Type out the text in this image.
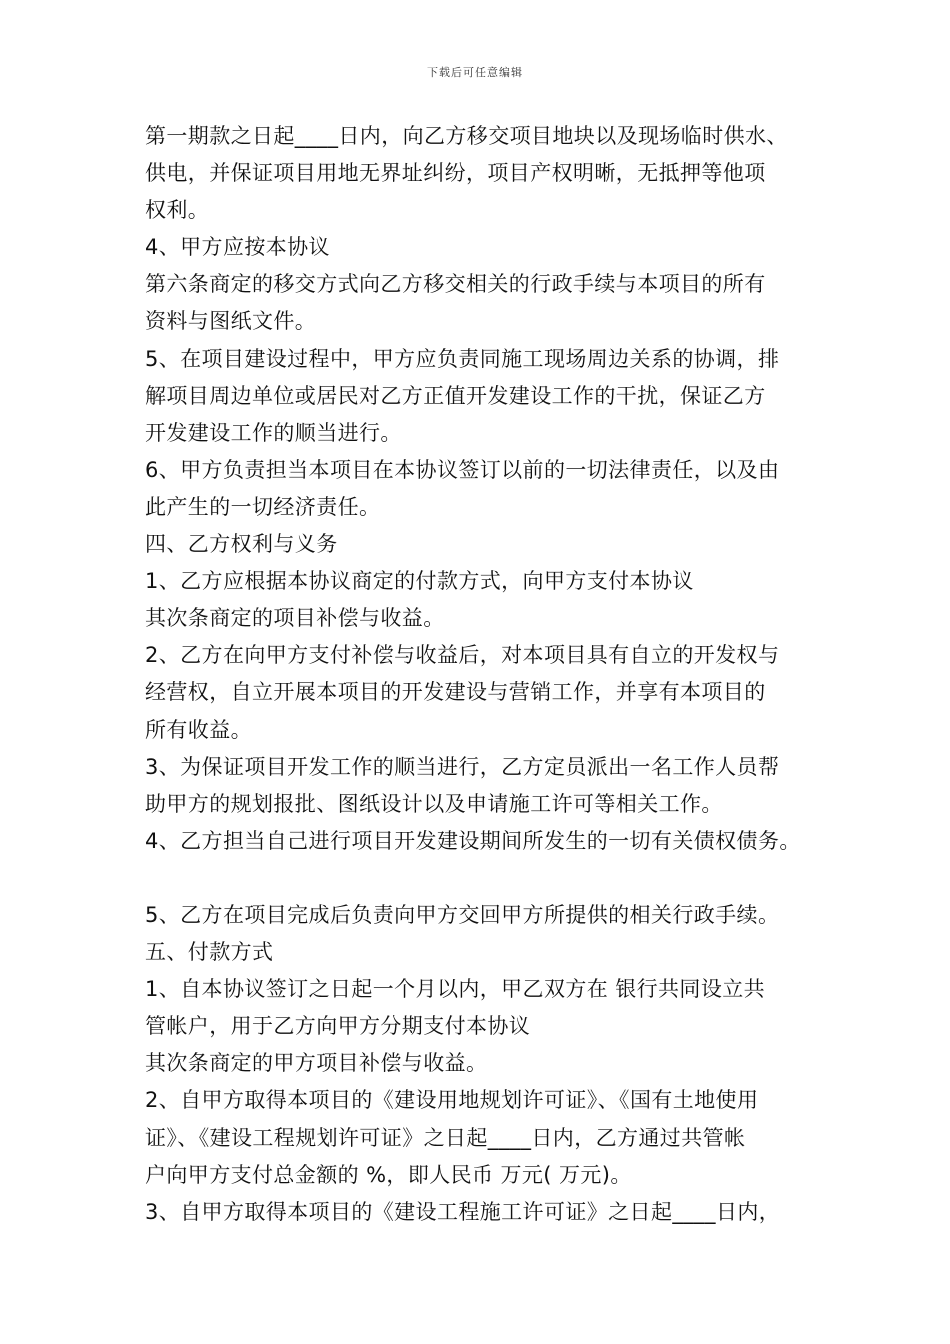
下载后可任意编辑
第一期款之日起____日内，向乙方移交项目地块以及现场临时供水、
供电，并保证项目用地无界址纠纷，项目产权明晰，无抵押等他项
权利。
4、甲方应按本协议
第六条商定的移交方式向乙方移交相关的行政手续与本项目的所有
资料与图纸文件。
5、在项目建设过程中，甲方应负责同施工现场周边关系的协调，排
解项目周边单位或居民对乙方正值开发建设工作的干扰，保证乙方
开发建设工作的顺当进行。
6、甲方负责担当本项目在本协议签订以前的一切法律责任，以及由
此产生的一切经济责任。
四、乙方权利与义务
1、乙方应根据本协议商定的付款方式，向甲方支付本协议
其次条商定的项目补偿与收益。
2、乙方在向甲方支付补偿与收益后，对本项目具有自立的开发权与
经营权，自立开展本项目的开发建设与营销工作，并享有本项目的
所有收益。
3、为保证项目开发工作的顺当进行，乙方定员派出一名工作人员帮
助甲方的规划报批、图纸设计以及申请施工许可等相关工作。
4、乙方担当自己进行项目开发建设期间所发生的一切有关债权债务。
5、乙方在项目完成后负责向甲方交回甲方所提供的相关行政手续。
五、付款方式
1、自本协议签订之日起一个月以内，甲乙双方在 银行共同设立共
管帐户，用于乙方向甲方分期支付本协议
其次条商定的甲方项目补偿与收益。
2、自甲方取得本项目的《建设用地规划许可证》、《国有土地使用
证》、《建设工程规划许可证》之日起____日内，乙方通过共管帐
户向甲方支付总金额的 %，即人民币 万元( 万元)。
3、自甲方取得本项目的《建设工程施工许可证》之日起____日内，
